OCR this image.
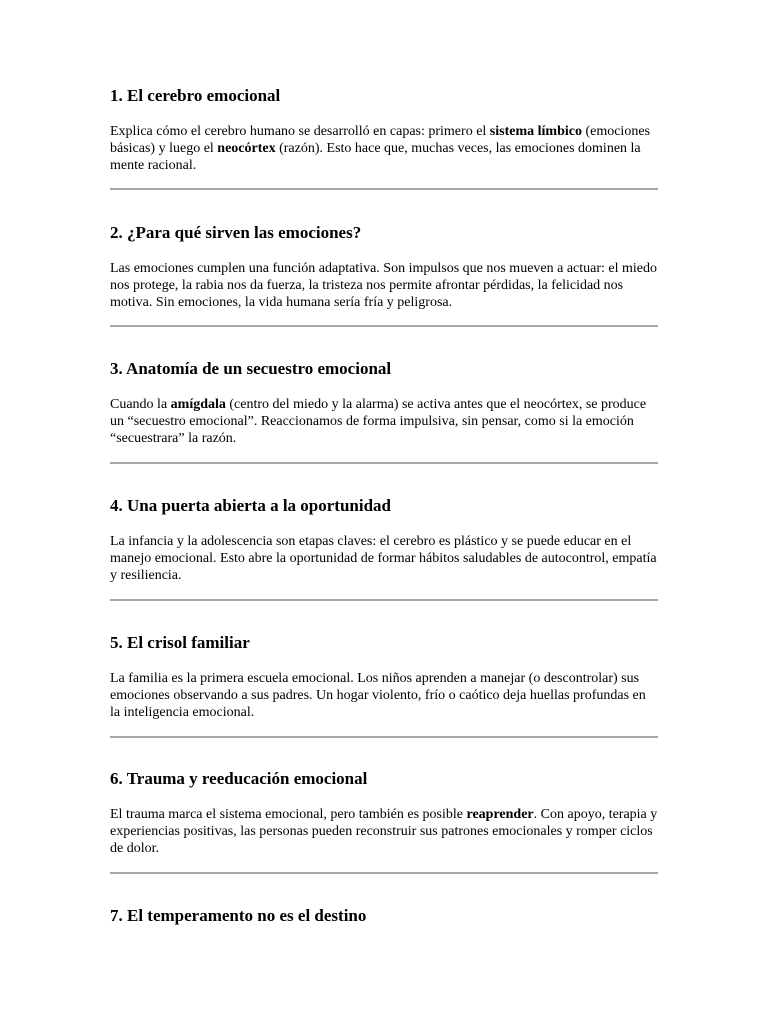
1. El cerebro emocional

Explica cómo el cerebro humano se desarrolló en capas: primero el sistema límbico (emociones básicas) y luego el neocórtex (razón). Esto hace que, muchas veces, las emociones dominen la mente racional.

2. ¿Para qué sirven las emociones?

Las emociones cumplen una función adaptativa. Son impulsos que nos mueven a actuar: el miedo nos protege, la rabia nos da fuerza, la tristeza nos permite afrontar pérdidas, la felicidad nos motiva. Sin emociones, la vida humana sería fría y peligrosa.

3. Anatomía de un secuestro emocional

Cuando la amígdala (centro del miedo y la alarma) se activa antes que el neocórtex, se produce un “secuestro emocional”. Reaccionamos de forma impulsiva, sin pensar, como si la emoción “secuestrara” la razón.

4. Una puerta abierta a la oportunidad

La infancia y la adolescencia son etapas claves: el cerebro es plástico y se puede educar en el manejo emocional. Esto abre la oportunidad de formar hábitos saludables de autocontrol, empatía y resiliencia.

5. El crisol familiar

La familia es la primera escuela emocional. Los niños aprenden a manejar (o descontrolar) sus emociones observando a sus padres. Un hogar violento, frío o caótico deja huellas profundas en la inteligencia emocional.

6. Trauma y reeducación emocional

El trauma marca el sistema emocional, pero también es posible reaprender. Con apoyo, terapia y experiencias positivas, las personas pueden reconstruir sus patrones emocionales y romper ciclos de dolor.

7. El temperamento no es el destino
